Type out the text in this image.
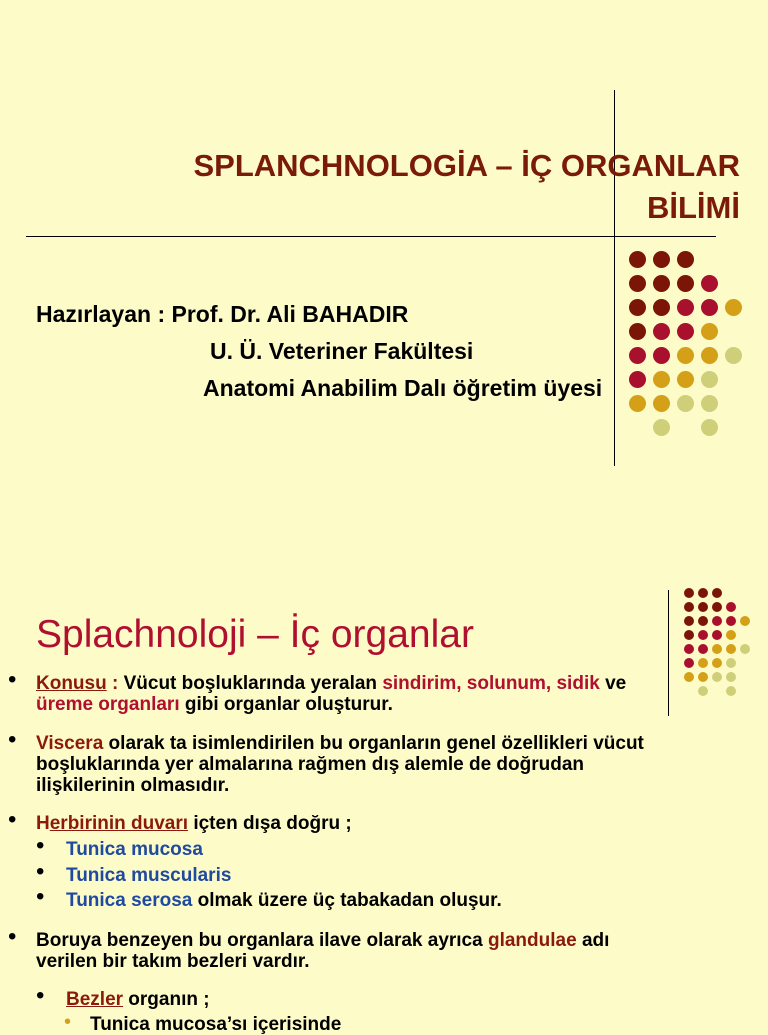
SPLANCHNOLOGİA – İÇ ORGANLAR
BİLİMİ
Hazırlayan : Prof. Dr. Ali BAHADIR
U. Ü. Veteriner Fakültesi
Anatomi Anabilim Dalı öğretim üyesi
Splachnoloji – İç organlar
• Konusu : Vücut boşluklarında yeralan sindirim, solunum, sidik ve
üreme organları gibi organlar oluşturur.
• Viscera olarak ta isimlendirilen bu organların genel özellikleri vücut
boşluklarında yer almalarına rağmen dış alemle de doğrudan
ilişkilerinin olmasıdır.
• Herbirinin duvarı içten dışa doğru ;
• Tunica mucosa
• Tunica muscularis
• Tunica serosa olmak üzere üç tabakadan oluşur.
• Boruya benzeyen bu organlara ilave olarak ayrıca glandulae adı
verilen bir takım bezleri vardır.
• Bezler organın ;
• Tunica mucosa’sı içerisinde
